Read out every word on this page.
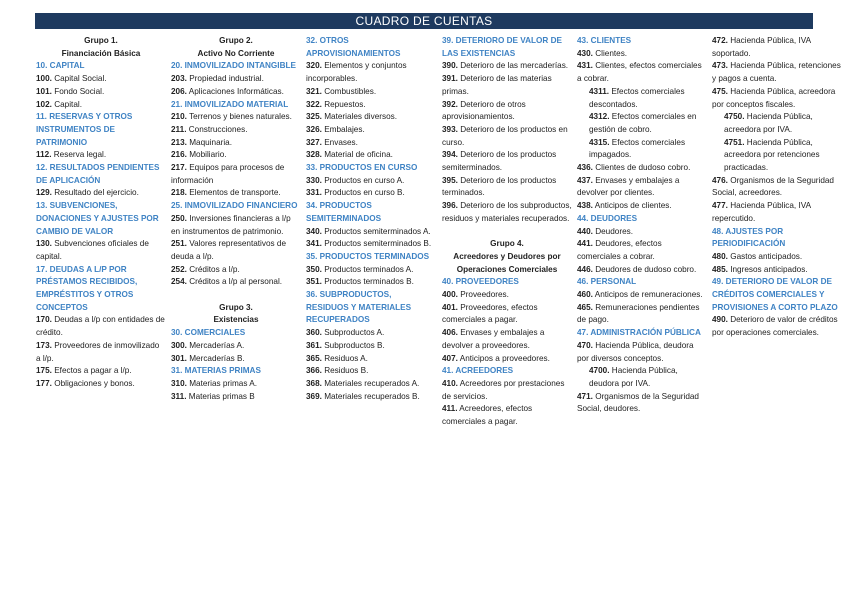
CUADRO DE CUENTAS
Grupo 1.
Financiación Básica
10. CAPITAL
100. Capital Social.
101. Fondo Social.
102. Capital.
11. RESERVAS Y OTROS INSTRUMENTOS DE PATRIMONIO
112. Reserva legal.
12. RESULTADOS PENDIENTES DE APLICACIÓN
129. Resultado del ejercicio.
13. SUBVENCIONES, DONACIONES Y AJUSTES POR CAMBIO DE VALOR
130. Subvenciones oficiales de capital.
17. DEUDAS A L/P POR PRÉSTAMOS RECIBIDOS, EMPRÉSTITOS Y OTROS CONCEPTOS
170. Deudas a l/p con entidades de crédito.
173. Proveedores de inmovilizado a l/p.
175. Efectos a pagar a l/p.
177. Obligaciones y bonos.
Grupo 2.
Activo No Corriente
20. INMOVILIZADO INTANGIBLE
203. Propiedad industrial.
206. Aplicaciones Informáticas.
21. INMOVILIZADO MATERIAL
210. Terrenos y bienes naturales.
211. Construcciones.
213. Maquinaria.
216. Mobiliario.
217. Equipos para procesos de información
218. Elementos de transporte.
25. INMOVILIZADO FINANCIERO
250. Inversiones financieras a l/p en instrumentos de patrimonio.
251. Valores representativos de deuda a l/p.
252. Créditos a l/p.
254. Créditos a l/p al personal.
Grupo 3.
Existencias
30. COMERCIALES
300. Mercaderías A.
301. Mercaderías B.
31. MATERIAS PRIMAS
310. Materias primas A.
311. Materias primas B
32. OTROS APROVISIONAMIENTOS
320. Elementos y conjuntos incorporables.
321. Combustibles.
322. Repuestos.
325. Materiales diversos.
326. Embalajes.
327. Envases.
328. Material de oficina.
33. PRODUCTOS EN CURSO
330. Productos en curso A.
331. Productos en curso B.
34. PRODUCTOS SEMITERMINADOS
340. Productos semiterminados A.
341. Productos semiterminados B.
35. PRODUCTOS TERMINADOS
350. Productos terminados A.
351. Productos terminados B.
36. SUBPRODUCTOS, RESIDUOS Y MATERIALES RECUPERADOS
360. Subproductos A.
361. Subproductos B.
365. Residuos A.
366. Residuos B.
368. Materiales recuperados A.
369. Materiales recuperados B.
39. DETERIORO DE VALOR DE LAS EXISTENCIAS
390. Deterioro de las mercaderías.
391. Deterioro de las materias primas.
392. Deterioro de otros aprovisionamientos.
393. Deterioro de los productos en curso.
394. Deterioro de los productos semiterminados.
395. Deterioro de los productos terminados.
396. Deterioro de los subproductos, residuos y materiales recuperados.
Grupo 4.
Acreedores y Deudores por Operaciones Comerciales
40. PROVEEDORES
400. Proveedores.
401. Proveedores, efectos comerciales a pagar.
406. Envases y embalajes a devolver a proveedores.
407. Anticipos a proveedores.
41. ACREEDORES
410. Acreedores por prestaciones de servicios.
411. Acreedores, efectos comerciales a pagar.
43. CLIENTES
430. Clientes.
431. Clientes, efectos comerciales a cobrar.
4311. Efectos comerciales descontados.
4312. Efectos comerciales en gestión de cobro.
4315. Efectos comerciales impagados.
436. Clientes de dudoso cobro.
437. Envases y embalajes a devolver por clientes.
438. Anticipos de clientes.
44. DEUDORES
440. Deudores.
441. Deudores, efectos comerciales a cobrar.
446. Deudores de dudoso cobro.
46. PERSONAL
460. Anticipos de remuneraciones.
465. Remuneraciones pendientes de pago.
47. ADMINISTRACIÓN PÚBLICA
470. Hacienda Pública, deudora por diversos conceptos.
4700. Hacienda Pública, deudora por IVA.
471. Organismos de la Seguridad Social, deudores.
472. Hacienda Pública, IVA soportado.
473. Hacienda Pública, retenciones y pagos a cuenta.
475. Hacienda Pública, acreedora por conceptos fiscales.
4750. Hacienda Pública, acreedora por IVA.
4751. Hacienda Pública, acreedora por retenciones practicadas.
476. Organismos de la Seguridad Social, acreedores.
477. Hacienda Pública, IVA repercutido.
48. AJUSTES POR PERIODIFICACIÓN
480. Gastos anticipados.
485. Ingresos anticipados.
49. DETERIORO DE VALOR DE CRÉDITOS COMERCIALES Y PROVISIONES A CORTO PLAZO
490. Deterioro de valor de créditos por operaciones comerciales.
